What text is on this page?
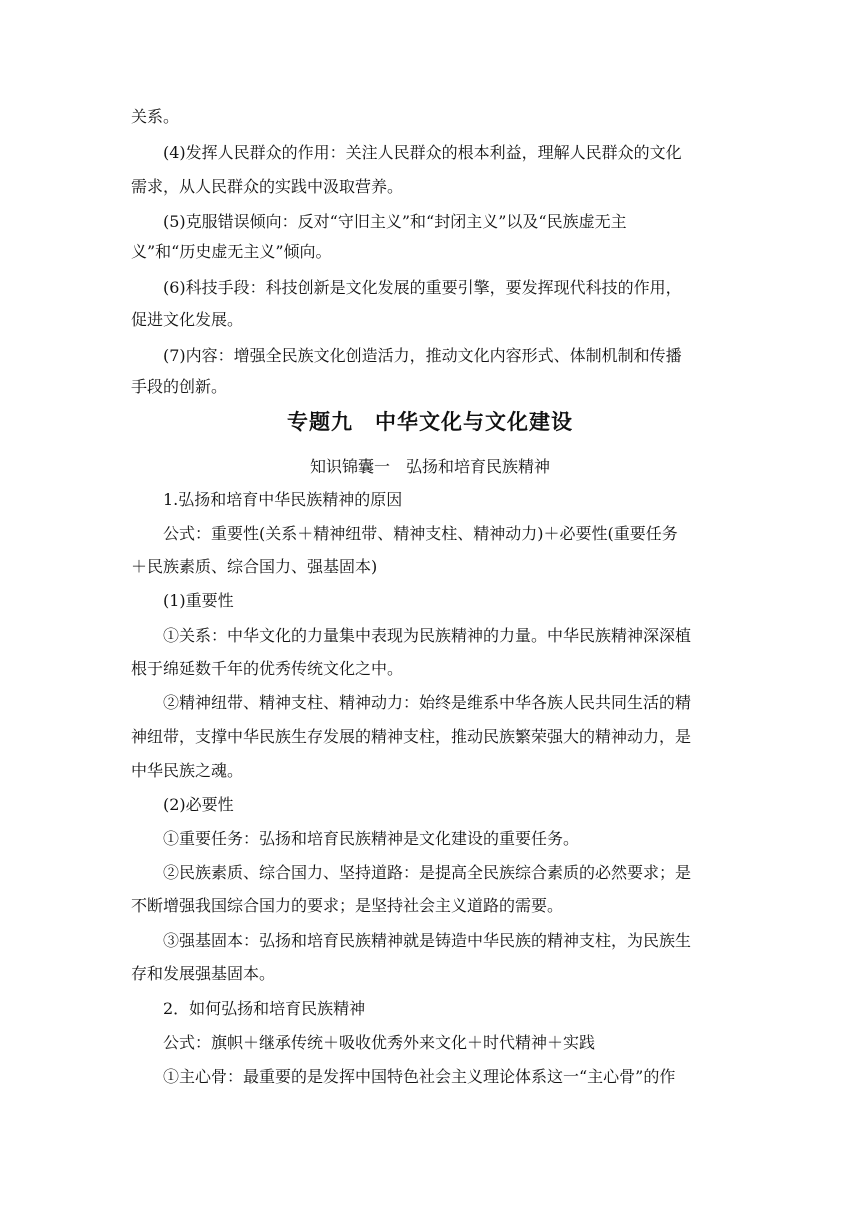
关系。
(4)发挥人民群众的作用：关注人民群众的根本利益，理解人民群众的文化
需求，从人民群众的实践中汲取营养。
(5)克服错误倾向：反对“守旧主义”和“封闭主义”以及“民族虚无主
义”和“历史虚无主义”倾向。
(6)科技手段：科技创新是文化发展的重要引擎，要发挥现代科技的作用，
促进文化发展。
(7)内容：增强全民族文化创造活力，推动文化内容形式、体制机制和传播
手段的创新。
专题九　中华文化与文化建设
知识锦囊一　弘扬和培育民族精神
1.弘扬和培育中华民族精神的原因
公式：重要性(关系＋精神纽带、精神支柱、精神动力)＋必要性(重要任务
＋民族素质、综合国力、强基固本)
(1)重要性
①关系：中华文化的力量集中表现为民族精神的力量。中华民族精神深深植
根于绵延数千年的优秀传统文化之中。
②精神纽带、精神支柱、精神动力：始终是维系中华各族人民共同生活的精
神纽带，支撑中华民族生存发展的精神支柱，推动民族繁荣强大的精神动力，是
中华民族之魂。
(2)必要性
①重要任务：弘扬和培育民族精神是文化建设的重要任务。
②民族素质、综合国力、坚持道路：是提高全民族综合素质的必然要求；是
不断增强我国综合国力的要求；是坚持社会主义道路的需要。
③强基固本：弘扬和培育民族精神就是铸造中华民族的精神支柱，为民族生
存和发展强基固本。
2．如何弘扬和培育民族精神
公式：旗帜＋继承传统＋吸收优秀外来文化＋时代精神＋实践
①主心骨：最重要的是发挥中国特色社会主义理论体系这一“主心骨”的作
